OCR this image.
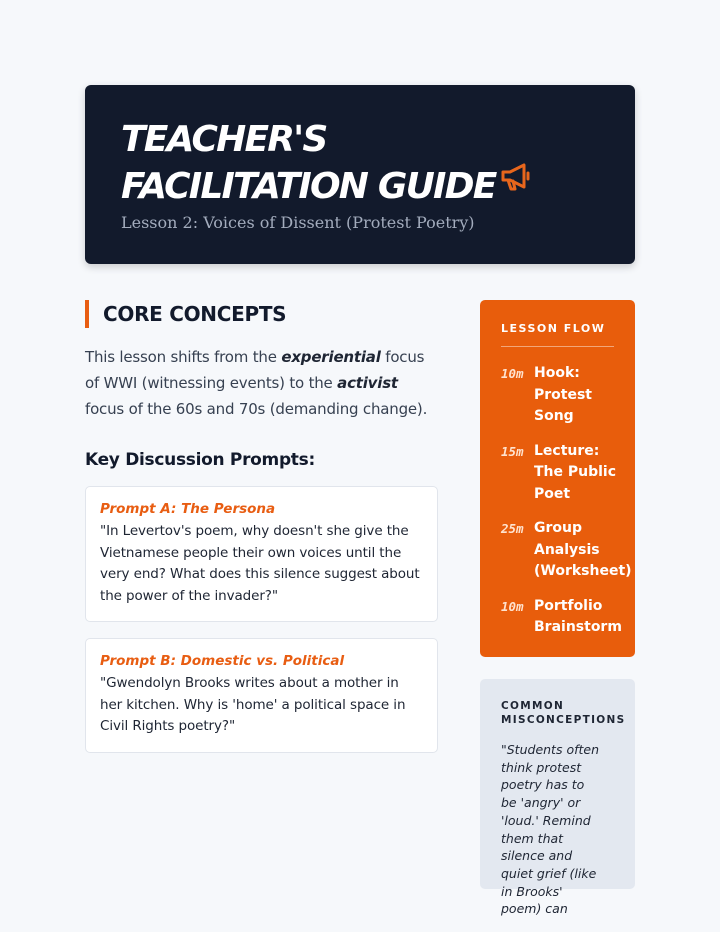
TEACHER'S
FACILITATION GUIDE
Lesson 2: Voices of Dissent (Protest Poetry)
CORE CONCEPTS

This lesson shifts from the experiential focus of WWI (witnessing events) to the activist focus of the 60s and 70s (demanding change).

Key Discussion Prompts:
Prompt A: The Persona
"In Levertov's poem, why doesn't she give the Vietnamese people their own voices until the very end? What does this silence suggest about the power of the invader?"
Prompt B: Domestic vs. Political
"Gwendolyn Brooks writes about a mother in her kitchen. Why is 'home' a political space in Civil Rights poetry?"
LESSON FLOW
10m Hook: Protest Song
15m Lecture: The Public Poet
25m Group Analysis (Worksheet)
10m Portfolio Brainstorm
COMMON MISCONCEPTIONS
"Students often think protest poetry has to be 'angry' or 'loud.' Remind them that silence and quiet grief (like in Brooks' poem) can
